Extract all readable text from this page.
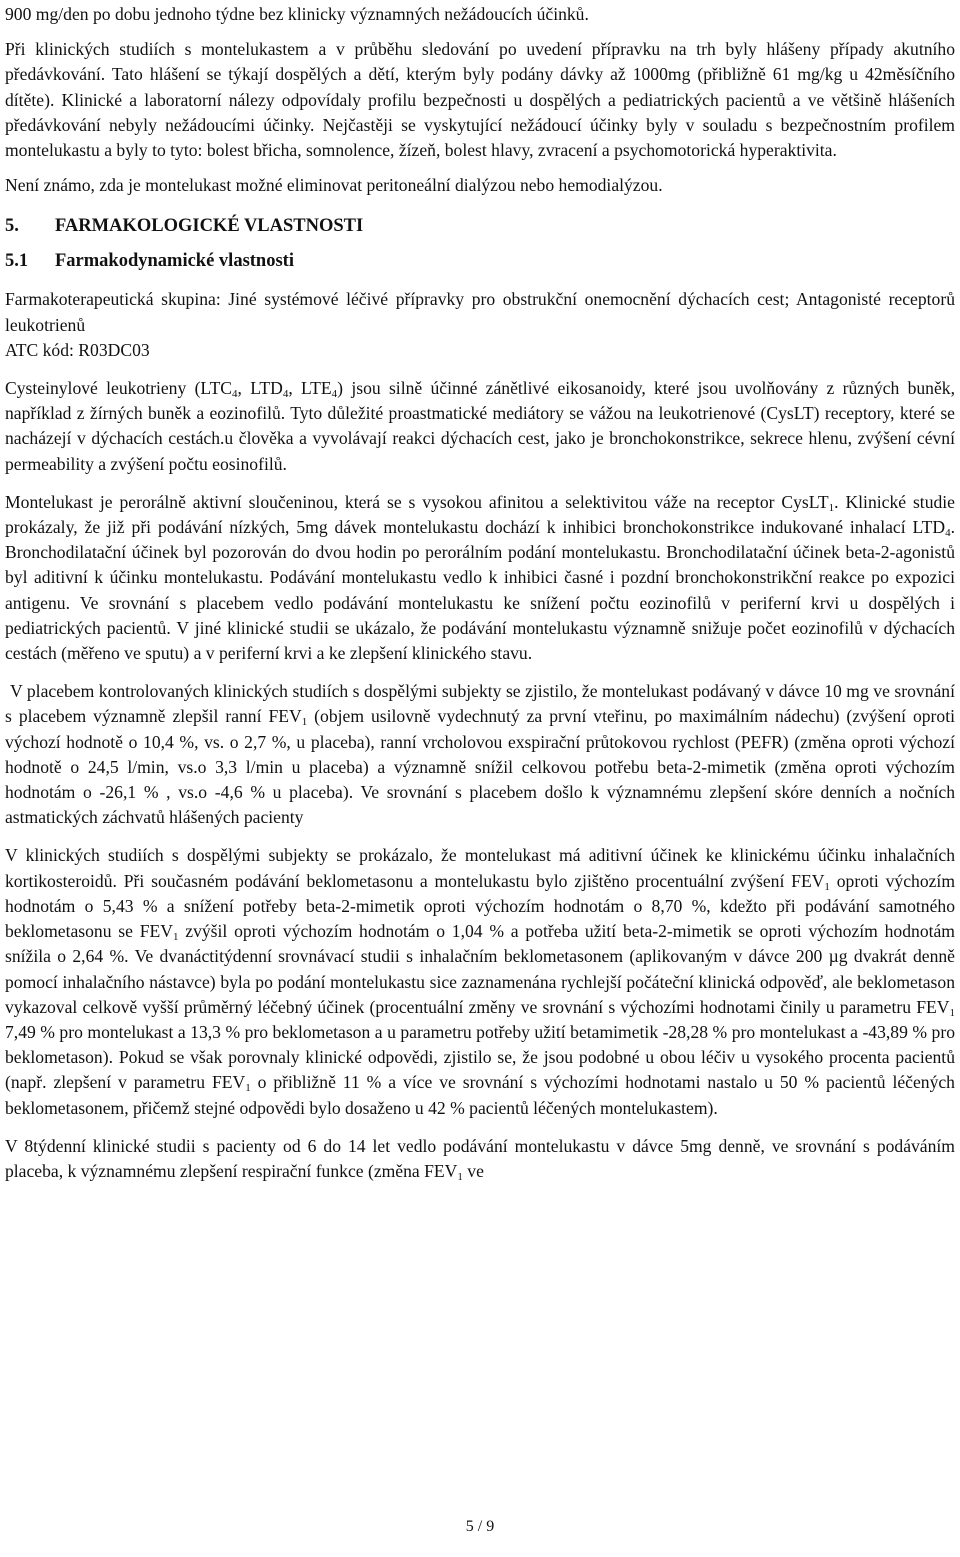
900 mg/den po dobu jednoho týdne bez klinicky významných nežádoucích účinků.

Při klinických studiích s montelukastem a v průběhu sledování po uvedení přípravku na trh byly hlášeny případy akutního předávkování. Tato hlášení se týkají dospělých a dětí, kterým byly podány dávky až 1000mg (přibližně 61 mg/kg u 42měsíčního dítěte). Klinické a laboratorní nálezy odpovídaly profilu bezpečnosti u dospělých a pediatrických pacientů a ve většině hlášeních předávkování nebyly nežádoucími účinky. Nejčastěji se vyskytující nežádoucí účinky byly v souladu s bezpečnostním profilem montelukastu a byly to tyto: bolest břicha, somnolence, žízeň, bolest hlavy, zvracení a psychomotorická hyperaktivita.

Není známo, zda je montelukast možné eliminovat peritoneální dialýzou nebo hemodialýzou.

5. FARMAKOLOGICKÉ VLASTNOSTI
5.1 Farmakodynamické vlastnosti

Farmakoterapeutická skupina: Jiné systémové léčivé přípravky pro obstrukční onemocnění dýchacích cest; Antagonisté receptorů leukotrienů

ATC kód: R03DC03

Cysteinylové leukotrieny ($LTC_4$, $LTD_4$, $LTE_4$) jsou silně účinné zánětlivé eikosanoidy, které jsou uvolňovány z různých buněk, například z žírných buněk a eozinofilů. Tyto důležité proastmatické mediátory se vážou na leukotrienové (CysLT) receptory, které se nacházejí v dýchacích cestách.u člověka a vyvolávají reakci dýchacích cest, jako je bronchokonstrikce, sekrece hlenu, zvýšení cévní permeability a zvýšení počtu eosinofilů.

Montelukast je perorálně aktivní sloučeninou, která se s vysokou afinitou a selektivitou váže na receptor CysLT$_1$. Klinické studie prokázaly, že již při podávání nízkých, 5mg dávek montelukastu dochází k inhibici bronchokonstrikce indukované inhalací $LTD_4$. Bronchodilatační účinek byl pozorován do dvou hodin po perorálním podání montelukastu. Bronchodilatační účinek beta-2-agonistů byl aditivní k účinku montelukastu. Podávání montelukastu vedlo k inhibici časné i pozdní bronchokonstrikční reakce po expozici antigenu. Ve srovnání s placebem vedlo podávání montelukastu ke snížení počtu eozinofilů v periferní krvi u dospělých i pediatrických pacientů. V jiné klinické studii se ukázalo, že podávání montelukastu významně snižuje počet eozinofilů v dýchacích cestách (měřeno ve sputu) a v periferní krvi a ke zlepšení klinického stavu.

V placebem kontrolovaných klinických studiích s dospělými subjekty se zjistilo, že montelukast podávaný v dávce 10 mg ve srovnání s placebem významně zlepšil ranní $FEV_1$ (objem usilovně vydechnutý za první vteřinu, po maximálním nádechu) (zvýšení oproti výchozí hodnotě o 10,4 %, vs. o 2,7 %, u placeba), ranní vrcholovou exspirační průtokovou rychlost (PEFR) (změna oproti výchozí hodnotě o 24,5 l/min, vs.o 3,3 l/min u placeba) a významně snížil celkovou potřebu beta-2-mimetik (změna oproti výchozím hodnotám o -26,1 % , vs.o -4,6 % u placeba). Ve srovnání s placebem došlo k významnému zlepšení skóre denních a nočních astmatických záchvatů hlášených pacienty

V klinických studiích s dospělými subjekty se prokázalo, že montelukast má aditivní účinek ke klinickému účinku inhalačních kortikosteroidů. Při současném podávání beklometasonu a montelukastu bylo zjištěno procentuální zvýšení $FEV_1$ oproti výchozím hodnotám o 5,43 % a snížení potřeby beta-2-mimetik oproti výchozím hodnotám o 8,70 %, kdežto při podávání samotného beklometasonu se $FEV_1$ zvýšil oproti výchozím hodnotám o 1,04 % a potřeba užití beta-2-mimetik se oproti výchozím hodnotám snížila o 2,64 %. Ve dvanáctitýdenní srovnávací studii s inhalačním beklometasonem (aplikovaným v dávce 200 µg dvakrát denně pomocí inhalačního nástavce) byla po podání montelukastu sice zaznamenána rychlejší počáteční klinická odpověď, ale beklometason vykazoval celkově vyšší průměrný léčebný účinek (procentuální změny ve srovnání s výchozími hodnotami činily u parametru $FEV_1$ 7,49 % pro montelukast a 13,3 % pro beklometason a u parametru potřeby užití betamimetik -28,28 % pro montelukast a -43,89 % pro beklometason). Pokud se však porovnaly klinické odpovědi, zjistilo se, že jsou podobné u obou léčiv u vysokého procenta pacientů (např. zlepšení v parametru $FEV_1$ o přibližně 11 % a více ve srovnání s výchozími hodnotami nastalo u 50 % pacientů léčených beklometasonem, přičemž stejné odpovědi bylo dosaženo u 42 % pacientů léčených montelukastem).

V 8týdenní klinické studii s pacienty od 6 do 14 let vedlo podávání montelukastu v dávce 5mg denně, ve srovnání s podáváním placeba, k významnému zlepšení respirační funkce (změna $FEV_1$ ve

5 / 9
